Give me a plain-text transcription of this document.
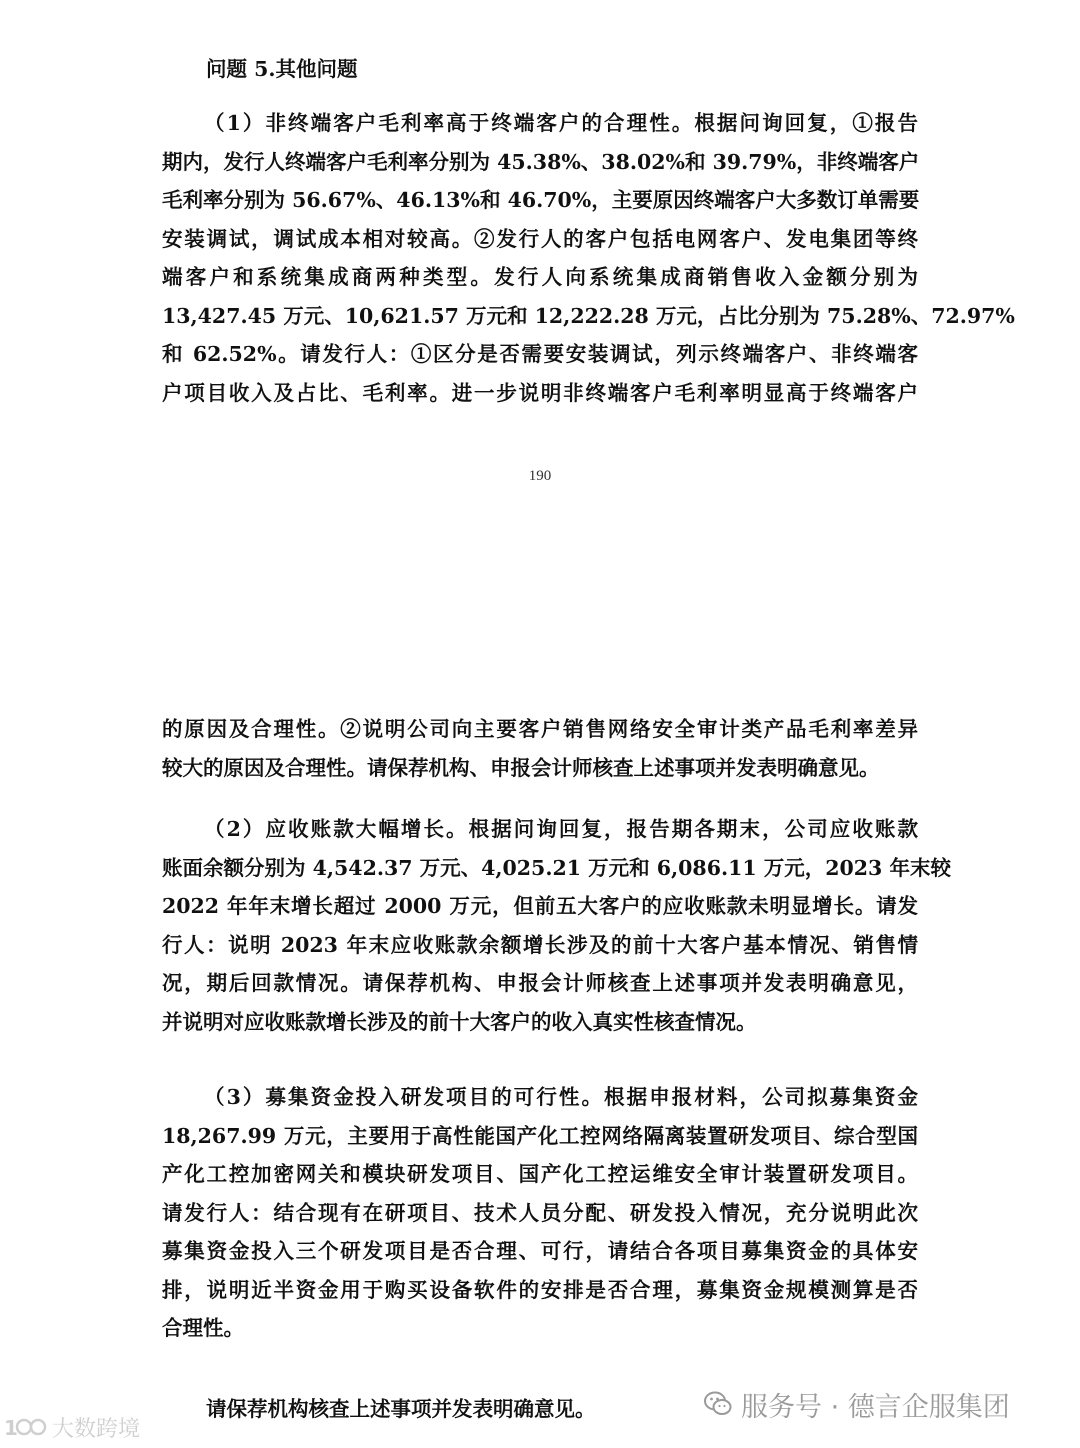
问题 5.其他问题
（1）非终端客户毛利率高于终端客户的合理性。根据问询回复，①报告
期内，发行人终端客户毛利率分别为 45.38%、38.02%和 39.79%，非终端客户
毛利率分别为 56.67%、46.13%和 46.70%，主要原因终端客户大多数订单需要
安装调试，调试成本相对较高。②发行人的客户包括电网客户、发电集团等终
端客户和系统集成商两种类型。发行人向系统集成商销售收入金额分别为
13,427.45 万元、10,621.57 万元和 12,222.28 万元，占比分别为 75.28%、72.97%
和 62.52%。请发行人：①区分是否需要安装调试，列示终端客户、非终端客
户项目收入及占比、毛利率。进一步说明非终端客户毛利率明显高于终端客户
190
的原因及合理性。②说明公司向主要客户销售网络安全审计类产品毛利率差异
较大的原因及合理性。请保荐机构、申报会计师核查上述事项并发表明确意见。
（2）应收账款大幅增长。根据问询回复，报告期各期末，公司应收账款
账面余额分别为 4,542.37 万元、4,025.21 万元和 6,086.11 万元，2023 年末较
2022 年年末增长超过 2000 万元，但前五大客户的应收账款未明显增长。请发
行人：说明 2023 年末应收账款余额增长涉及的前十大客户基本情况、销售情
况，期后回款情况。请保荐机构、申报会计师核查上述事项并发表明确意见，
并说明对应收账款增长涉及的前十大客户的收入真实性核查情况。
（3）募集资金投入研发项目的可行性。根据申报材料，公司拟募集资金
18,267.99 万元，主要用于高性能国产化工控网络隔离装置研发项目、综合型国
产化工控加密网关和模块研发项目、国产化工控运维安全审计装置研发项目。
请发行人：结合现有在研项目、技术人员分配、研发投入情况，充分说明此次
募集资金投入三个研发项目是否合理、可行，请结合各项目募集资金的具体安
排，说明近半资金用于购买设备软件的安排是否合理，募集资金规模测算是否
合理性。
请保荐机构核查上述事项并发表明确意见。	服务号 · 德言企服集团
1 大数跨境
